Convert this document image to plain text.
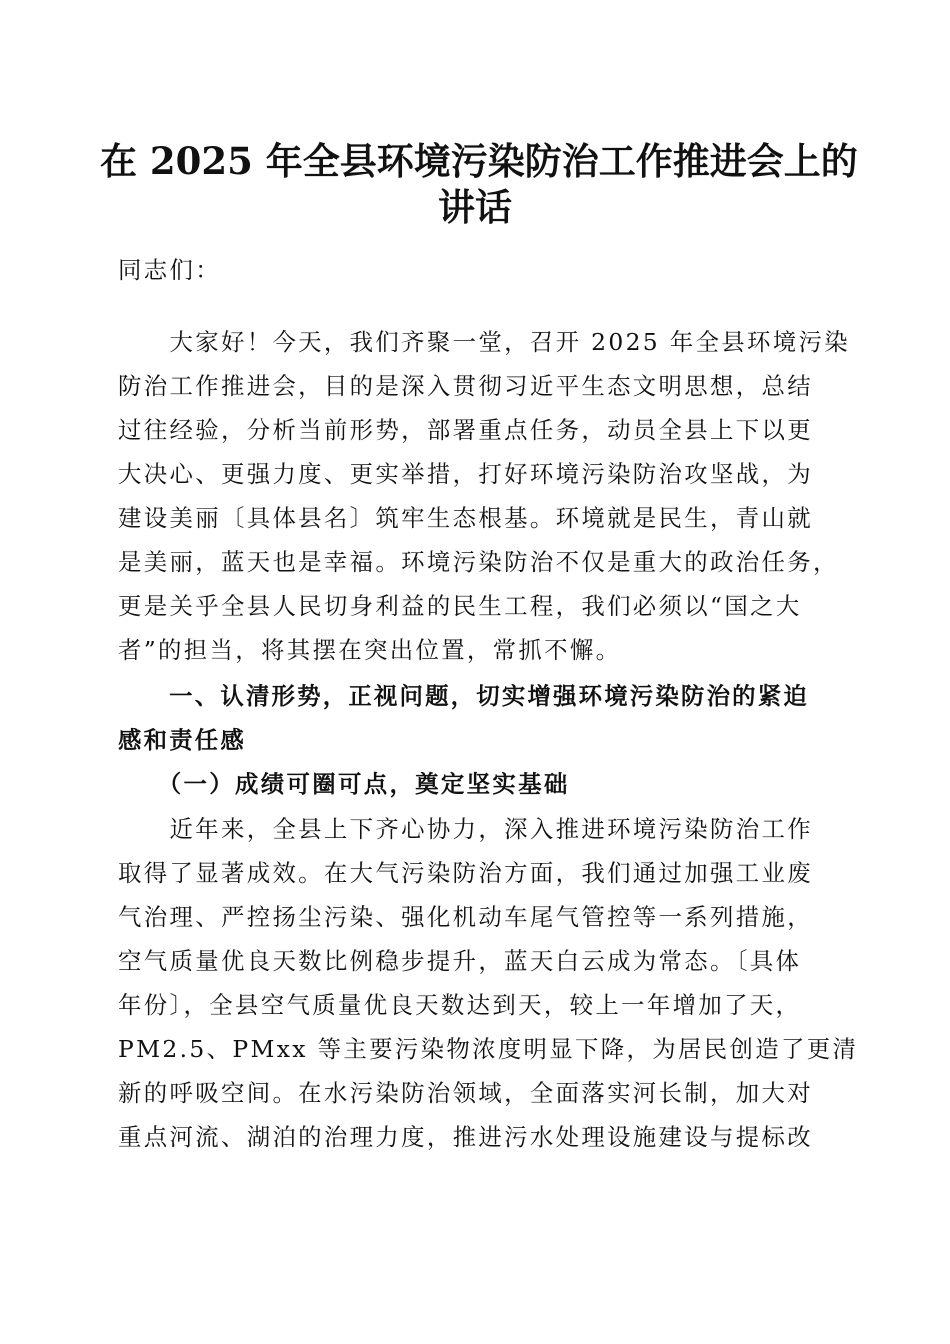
在 2025 年全县环境污染防治工作推进会上的
讲话
同志们：
　　大家好！今天，我们齐聚一堂，召开 2025 年全县环境污染
防治工作推进会，目的是深入贯彻习近平生态文明思想，总结
过往经验，分析当前形势，部署重点任务，动员全县上下以更
大决心、更强力度、更实举措，打好环境污染防治攻坚战，为
建设美丽〔具体县名〕筑牢生态根基。环境就是民生，青山就
是美丽，蓝天也是幸福。环境污染防治不仅是重大的政治任务，
更是关乎全县人民切身利益的民生工程，我们必须以“国之大
者”的担当，将其摆在突出位置，常抓不懈。
　　一、认清形势，正视问题，切实增强环境污染防治的紧迫
感和责任感
　　（一）成绩可圈可点，奠定坚实基础
　　近年来，全县上下齐心协力，深入推进环境污染防治工作
取得了显著成效。在大气污染防治方面，我们通过加强工业废
气治理、严控扬尘污染、强化机动车尾气管控等一系列措施，
空气质量优良天数比例稳步提升，蓝天白云成为常态。〔具体
年份〕，全县空气质量优良天数达到天，较上一年增加了天，
PM2.5、PMxx 等主要污染物浓度明显下降，为居民创造了更清
新的呼吸空间。在水污染防治领域，全面落实河长制，加大对
重点河流、湖泊的治理力度，推进污水处理设施建设与提标改
